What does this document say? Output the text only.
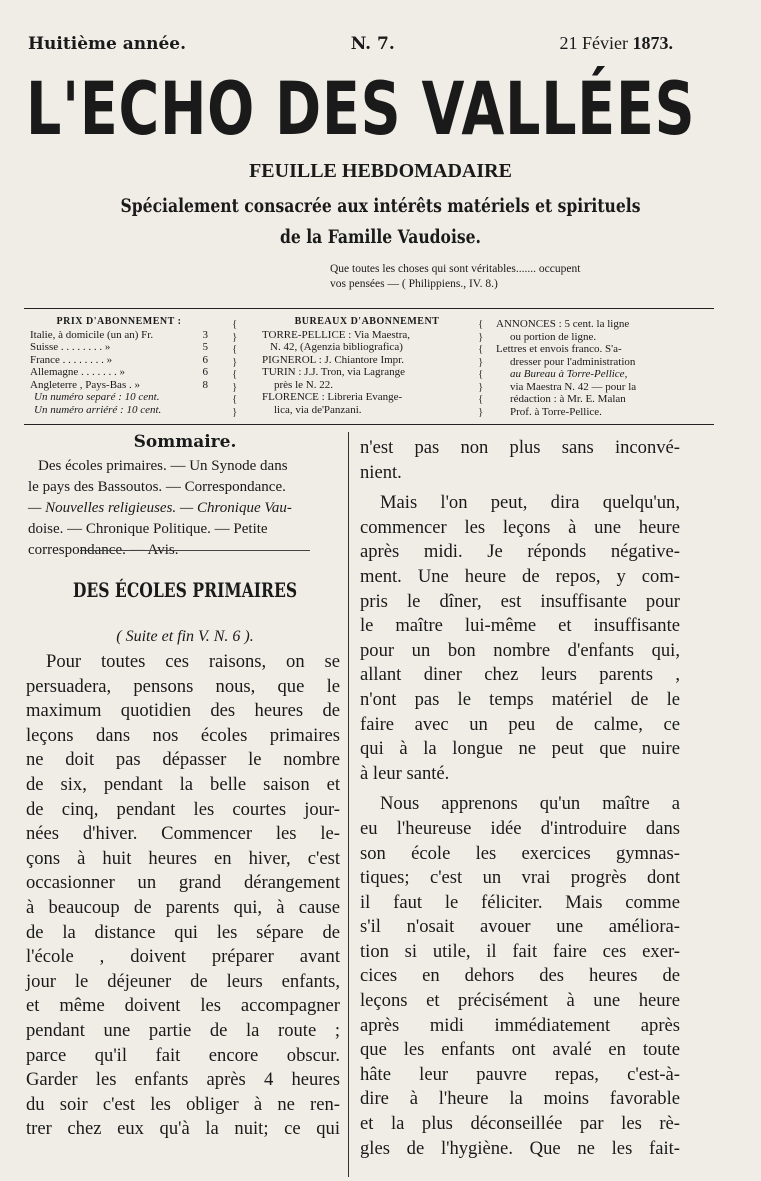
Huitième année.	N. 7.	21 Févier 1873.
L'ECHO DES VALLÉES
FEUILLE HEBDOMADAIRE
Spécialement consacrée aux intérêts matériels et spirituels
de la Famille Vaudoise.
Que toutes les choses qui sont véritables....... occupent
vos pensées — ( Philippiens., IV. 8.)
PRIX D'ABONNEMENT :
Italie, à domicile (un an) Fr.	3
Suisse . . . . . . . . »	5
France . . . . . . . . »	6
Allemagne . . . . . . . »	6
Angleterre , Pays-Bas . »	8
Un numéro separé : 10 cent.
Un numéro arriéré : 10 cent.
{
}
{
}
{
}
{
}
BUREAUX D'ABONNEMENT
TORRE-PELLICE : Via Maestra,
N. 42, (Agenzia bibliografica)
PIGNEROL : J. Chiantore Impr.
TURIN : J.J. Tron, via Lagrange
près le N. 22.
FLORENCE : Libreria Evange-
lica, via de'Panzani.
{
}
{
}
{
}
{
}
ANNONCES : 5 cent. la ligne
ou portion de ligne.
Lettres et envois franco. S'a-
dresser pour l'administration
au Bureau à Torre-Pellice,
via Maestra N. 42 — pour la
rédaction : à Mr. E. Malan
Prof. à Torre-Pellice.
Sommaire.
Des écoles primaires. — Un Synode dans
le pays des Bassoutos. — Correspondance.
— Nouvelles religieuses. — Chronique Vau-
doise. — Chronique Politique. — Petite
correspondance. — Avis.
DES ÉCOLES PRIMAIRES
( Suite et fin V. N. 6 ).
Pour toutes ces raisons, on se
persuadera, pensons nous, que le
maximum quotidien des heures de
leçons dans nos écoles primaires
ne doit pas dépasser le nombre
de six, pendant la belle saison et
de cinq, pendant les courtes jour-
nées d'hiver. Commencer les le-
çons à huit heures en hiver, c'est
occasionner un grand dérangement
à beaucoup de parents qui, à cause
de la distance qui les sépare de
l'école , doivent préparer avant
jour le déjeuner de leurs enfants,
et même doivent les accompagner
pendant une partie de la route ;
parce qu'il fait encore obscur.
Garder les enfants après 4 heures
du soir c'est les obliger à ne ren-
trer chez eux qu'à la nuit; ce qui
n'est pas non plus sans inconvé-
nient.
Mais l'on peut, dira quelqu'un,
commencer les leçons à une heure
après midi. Je réponds négative-
ment. Une heure de repos, y com-
pris le dîner, est insuffisante pour
le maître lui-même et insuffisante
pour un bon nombre d'enfants qui,
allant diner chez leurs parents ,
n'ont pas le temps matériel de le
faire avec un peu de calme, ce
qui à la longue ne peut que nuire
à leur santé.
Nous apprenons qu'un maître a
eu l'heureuse idée d'introduire dans
son école les exercices gymnas-
tiques; c'est un vrai progrès dont
il faut le féliciter. Mais comme
s'il n'osait avouer une améliora-
tion si utile, il fait faire ces exer-
cices en dehors des heures de
leçons et précisément à une heure
après midi immédiatement après
que les enfants ont avalé en toute
hâte leur pauvre repas, c'est-à-
dire à l'heure la moins favorable
et la plus déconseillée par les rè-
gles de l'hygiène. Que ne les fait-
